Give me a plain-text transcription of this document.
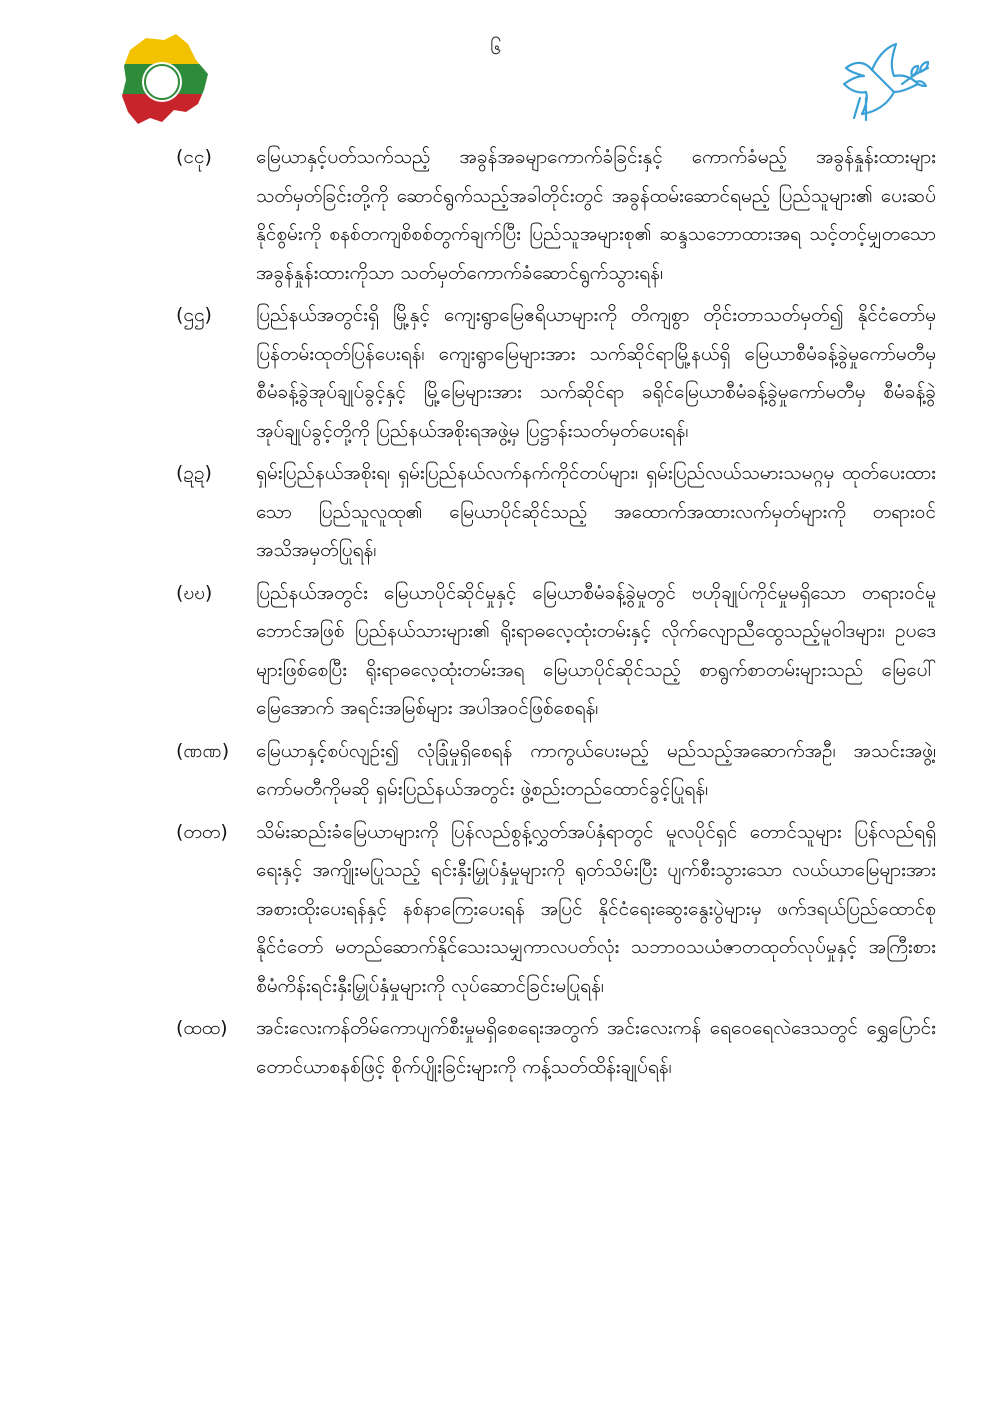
၆
(ငငု)	မြေယာနှင့်ပတ်သက်သည့် အခွန်အခမျာကောက်ခံခြင်းနှင့် ကောက်ခံမည့် အခွန်နှုန်းထားများ သတ်မှတ်ခြင်းတို့ကို ဆောင်ရွက်သည့်အခါတိုင်းတွင် အခွန်ထမ်းဆောင်ရမည့် ပြည်သူများ၏ ပေးဆပ်နိုင်စွမ်းကို စနစ်တကျစိစစ်တွက်ချက်ပြီး ပြည်သူအများစု၏ ဆန္ဒသဘောထားအရ သင့်တင့်မျှတသော အခွန်နှုန်းထားကိုသာ သတ်မှတ်ကောက်ခံဆောင်ရွက်သွားရန်၊
(ဌဌ)	ပြည်နယ်အတွင်းရှိ မြို့နှင့် ကျေးရွာမြေဧရိယာများကို တိကျစွာ တိုင်းတာသတ်မှတ်၍ နိုင်ငံတော်မှ ပြန်တမ်းထုတ်ပြန်ပေးရန်၊ ကျေးရွာမြေများအား သက်ဆိုင်ရာမြို့နယ်ရှိ မြေယာစီမံခန့်ခွဲမှုကော်မတီမှ စီမံခန့်ခွဲအုပ်ချုပ်ခွင့်နှင့် မြို့မြေများအား သက်ဆိုင်ရာ ခရိုင်မြေယာစီမံခန့်ခွဲမှုကော်မတီမှ စီမံခန့်ခွဲအုပ်ချုပ်ခွင့်တို့ကို ပြည်နယ်အစိုးရအဖွဲ့မှ ပြဋ္ဌာန်းသတ်မှတ်ပေးရန်၊
(ဍဍ)	ရှမ်းပြည်နယ်အစိုးရ၊ ရှမ်းပြည်နယ်လက်နက်ကိုင်တပ်များ၊ ရှမ်းပြည်လယ်သမားသမဂ္ဂမှ ထုတ်ပေးထားသော ပြည်သူလူထု၏ မြေယာပိုင်ဆိုင်သည့် အထောက်အထားလက်မှတ်များကို တရားဝင်အသိအမှတ်ပြုရန်၊
(ဎဎ)	ပြည်နယ်အတွင်း မြေယာပိုင်ဆိုင်မှုနှင့် မြေယာစီမံခန့်ခွဲမှုတွင် ဗဟိုချုပ်ကိုင်မှုမရှိသော တရားဝင်မူဘောင်အဖြစ် ပြည်နယ်သားများ၏ ရိုးရာဓလေ့ထုံးတမ်းနှင့် လိုက်လျောညီထွေသည့်မူဝါဒများ၊ ဥပဒေများဖြစ်စေပြီး ရိုးရာဓလေ့ထုံးတမ်းအရ မြေယာပိုင်ဆိုင်သည့် စာရွက်စာတမ်းများသည် မြေပေါ်မြေအောက် အရင်းအမြစ်များ အပါအဝင်ဖြစ်စေရန်၊
(ဏဏ)	မြေယာနှင့်စပ်လျဉ်း၍ လုံခြုံမှုရှိစေရန် ကာကွယ်ပေးမည့် မည်သည့်အဆောက်အဦ၊ အသင်းအဖွဲ့၊ ကော်မတီကိုမဆို ရှမ်းပြည်နယ်အတွင်း ဖွဲ့စည်းတည်ထောင်ခွင့်ပြုရန်၊
(တတ)	သိမ်းဆည်းခံမြေယာများကို ပြန်လည်စွန့်လွှတ်အပ်နှံရာတွင် မူလပိုင်ရှင် တောင်သူများ ပြန်လည်ရရှိရေးနှင့် အကျိုးမပြုသည့် ရင်းနှီးမြှုပ်နှံမှုများကို ရုတ်သိမ်းပြီး ပျက်စီးသွားသော လယ်ယာမြေများအား အစားထိုးပေးရန်နှင့် နစ်နာကြေးပေးရန် အပြင် နိုင်ငံရေးဆွေးနွေးပွဲများမှ ဖက်ဒရယ်ပြည်ထောင်စုနိုင်ငံတော် မတည်ဆောက်နိုင်သေးသမျှကာလပတ်လုံး သဘာဝသယံဇာတထုတ်လုပ်မှုနှင့် အကြီးစားစီမံကိန်းရင်းနှီးမြှုပ်နှံမှုများကို လုပ်ဆောင်ခြင်းမပြုရန်၊
(ထထ)	အင်းလေးကန်တိမ်ကောပျက်စီးမှုမရှိစေရေးအတွက် အင်းလေးကန် ရေဝေရေလဲဒေသတွင် ရွှေပြောင်းတောင်ယာစနစ်ဖြင့် စိုက်ပျိုးခြင်းများကို ကန့်သတ်ထိန်းချုပ်ရန်၊
